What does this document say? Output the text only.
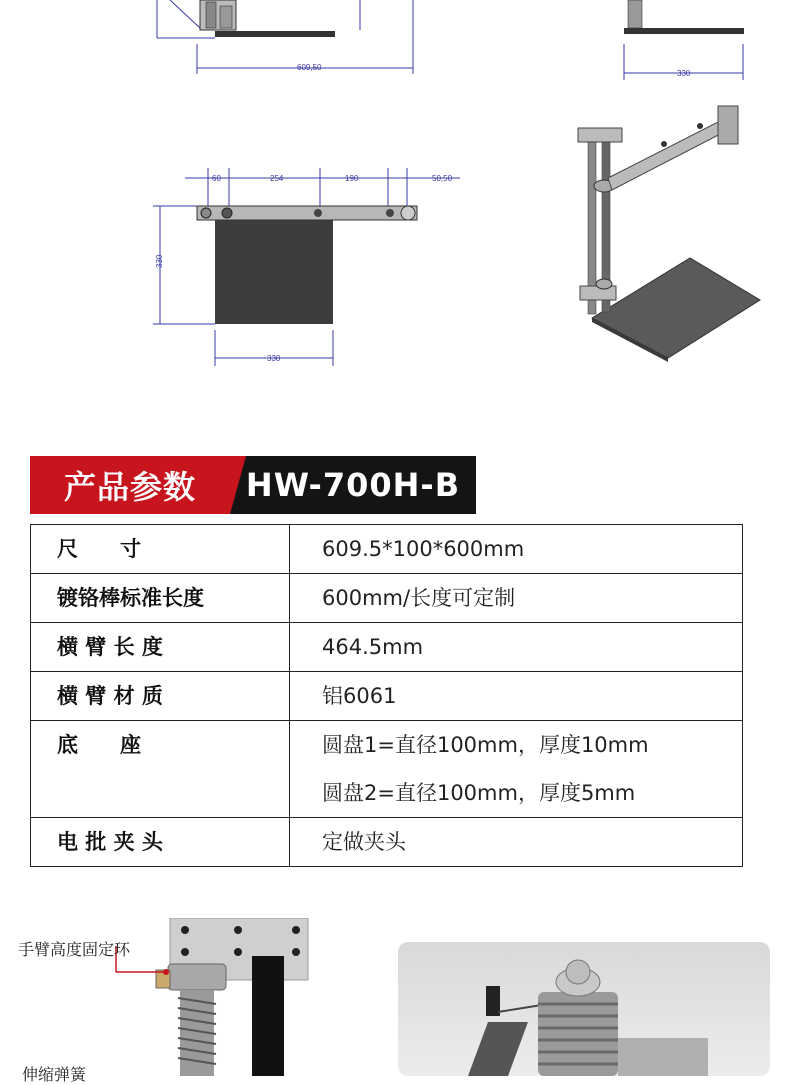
609,50
330
60	254	190	50,50
330
330
产品参数	HW-700H-B
尺　　寸	609.5*100*600mm

镀铬棒标准长度	600mm/长度可定制

横 臂 长 度	464.5mm

横 臂 材 质	铝6061

底　　座	圆盘1=直径100mm，厚度10mm
圆盘2=直径100mm，厚度5mm

电 批 夹 头	定做夹头
手臂高度固定环
伸缩弹簧
